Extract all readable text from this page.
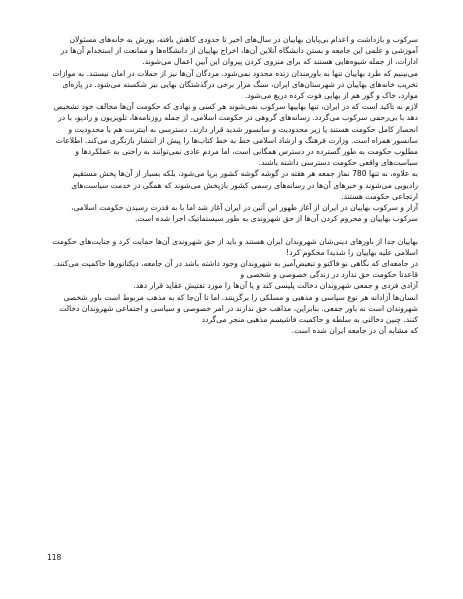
سرکوب و بازداشت و اعدام بی‌پایان بهاییان در سال‌های اخیر تا حدودی کاهش یافته، یورش به خانه‌های مسئولان آموزشی و علمی این جامعه و بستن دانشگاه آنلاین آن‌ها، اخراج بهاییان از دانشگاه‌ها و ممانعت از استخدام آن‌ها در ادارات، از جمله شیوه‌هایی هستند که برای منزوی کردن پیروان این آیین اعمال می‌شوند.

می‌بینیم که طرد بهاییان تنها به باورمندان زنده محدود نمی‌شود. مردگان آن‌ها نیز از حملات در امان نیستند. به موازات تخریب خانه‌های بهاییان در شهرستان‌های ایران، سنگ مزار برخی درگذشتگان بهایی نیز شکسته می‌شود. در پاره‌ای موارد، خاک و گور هم از بهایی فوت کرده دریغ می‌شود.

لازم به تاکید است که در ایران، تنها بهاییها سرکوب نمی‌شوند هر کسی و نهادی که حکومت آن‌ها مخالف خود تشخیص دهد با بی‌رحمی سرکوب می‌گردد. رسانه‌های گروهی در حکومت اسلامی، از جمله روزنامه‌ها، تلویزیون و رادیو، با در انحصار کامل حکومت هستند یا زیر محدودیت و سانسور شدید قرار دارند. دسترسی به اینترنت هم با محدودیت و سانسور همراه است. وزارت فرهنگ و ارشاد اسلامی خط به خط کتاب‌ها را پیش از انتشار بازنگری می‌کند. اطلاعات مطلوب حکومت به طور گسترده در دسترس همگانی است، اما مردم عادی نمی‌توانند به راحتی به عملکردها و سیاست‌های واقعی حکومت دسترسی داشته باشند.

به علاوه، نه تنها 780 نماز جمعه هر هفته در گوشه گوشه کشور برپا می‌شود، بلکه بسیار از آن‌ها پخش مستقیم رادیویی می‌شوند و خبرهای آن‌ها در رسانه‌های رسمی کشور بازپخش می‌شوند که همگی در خدمت سیاست‌های ارتجاعی حکومت هستند.

آزار و سرکوب بهاییان در ایران از آغاز ظهور این آئین در ایران آغاز شد اما با به قدرت رسیدن حکومت اسلامی، سرکوب بهاییان و محروم کردن آن‌ها از حق شهروندی به طور سیستماتیک اجرا شده است.

بهاییان جدا از باورهای دینی‌شان شهروندان ایران هستند و باید از حق شهروندی آن‌ها حمایت کرد و جنایت‌های حکومت اسلامی علیه بهاییان را شدیدا محکوم کرد!

در جامعه‌ای که نگاهی نو فاکتو و تبعیض‌آمیز به شهروندان وجود داشته باشد در آن جامعه، دیکتاتورها حاکمیت می‌کنند. قاعدتا حکومت حق ندارد در زندگی خصوصی و شخصی و

آزادی فردی و جمعی شهروندان دخالت پلیسی کند و یا آن‌ها را مورد تفتیش عقاید قرار دهد.

انسان‌ها آزادانه هر نوع سیاسی و مذهبی و مسلکی را برگزینند. اما تا آن‌جا که به مذهب مربوط است باور شخصی شهروندان است نه باور جمعی. بنابراین، مذاهب حق ندارند در امر خصوصی و سیاسی و اجتماعی شهروندان دخالت کنند. چنین دخالتی به سلطه و حاکمیت فاشیسم مذهبی منجر می‌گردد

که مشابه آن در جامعه ایران شده است.

118
